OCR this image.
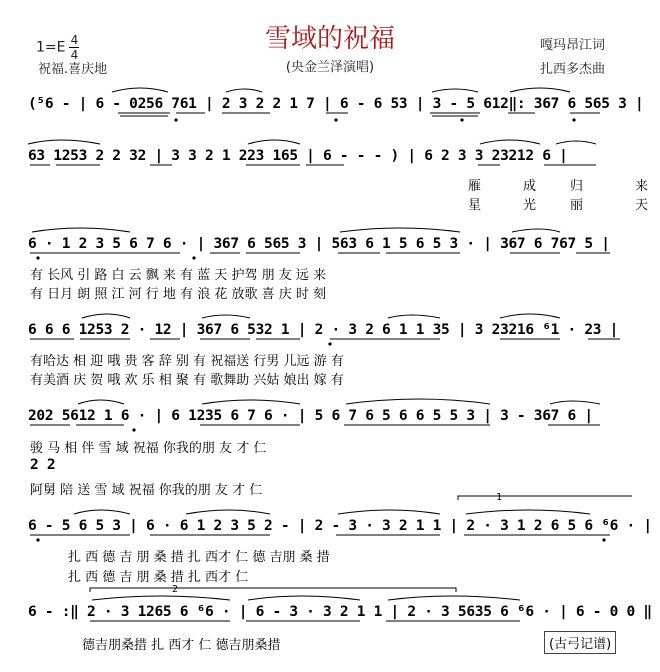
雪域的祝福
(央金兰泽演唱)
$1=E \frac{4}{4}$
祝福.喜庆地
嘎玛昂江词
扎西多杰曲
(⁵6 - | 6 - 0256 761 | 2 3 2 2 1 7 | 6 - 6 53 | 3 - 5 612‖: 367 6 565 3 |
63 1253 2 2 32 | 3 3 2 1 223 165 | 6 - - - ) | 6 2 3 3 23212 6 |
雁	成	归	来
星	光	丽	天
6 · 1 2 3 5 6 7 6 · | 367 6 565 3 | 563 6 1 5 6 5 3 · | 367 6 767 5 |
有 长风 引 路 白 云 飘 来 有 蓝 天 护驾 朋 友 远 来
有 日月 朗 照 江 河 行 地 有 浪 花 放歌 喜 庆 时 刻
6 6 6 1253 2 · 12 | 367 6 532 1 | 2 · 3 2 6 1 1 35 | 3 23216 ⁶1 · 23 |
有哈达 相 迎 哦 贵 客 辞 别 有 祝福送 行男 儿远 游 有
有美酒 庆 贺 哦 欢 乐 相 聚 有 歌舞助 兴姑 娘出 嫁 有
202 5612 1 6 · | 6 1235 6 7 6 · | 5 6 7 6 5 6 6 5 5 3 | 3 - 367 6 |
骏 马 相 伴 雪 域 祝福 你我的朋 友 才 仁
2 2
阿舅 陪 送 雪 域 祝福 你我的朋 友 才 仁	1
6 - 5 6 5 3 | 6 · 6 1 2 3 5 2 - | 2 - 3 · 3 2 1 1 | 2 · 3 1 2 6 5 6 ⁶6 · |
扎 西 德 吉 朋 桑 措 扎 西才 仁 德 吉朋 桑 措
扎 西 德 吉 朋 桑 措 扎 西才 仁
2
6 - :‖ 2 · 3 1265 6 ⁶6 · | 6 - 3 · 3 2 1 1 | 2 · 3 5635 6 ⁶6 · | 6 - 0 0 ‖
德吉朋桑措 扎 西才 仁 德吉朋桑措	(古弓记谱)
